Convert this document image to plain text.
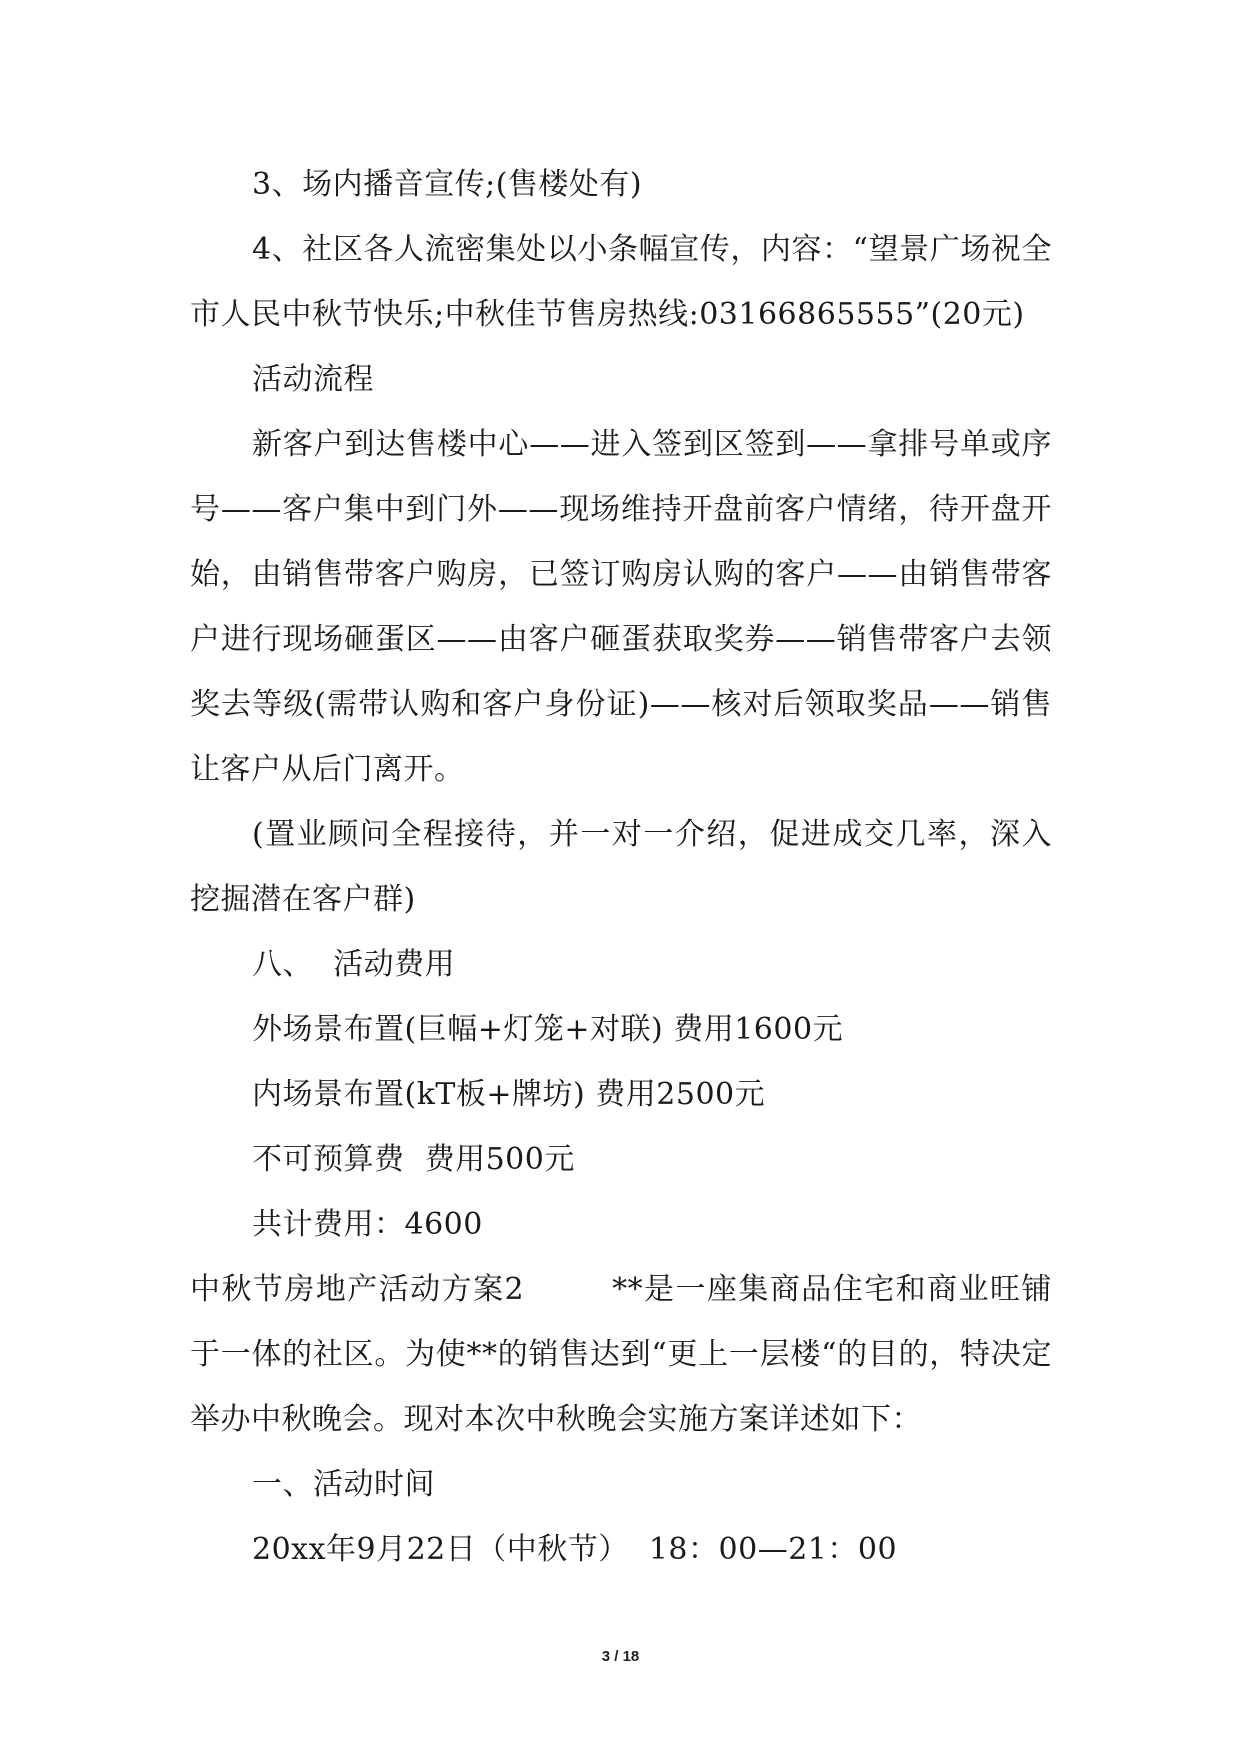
3、场内播音宣传;(售楼处有)

4、社区各人流密集处以小条幅宣传，内容：“望景广场祝全市人民中秋节快乐;中秋佳节售房热线:03166865555”(20元)

活动流程

新客户到达售楼中心——进入签到区签到——拿排号单或序号——客户集中到门外——现场维持开盘前客户情绪，待开盘开始，由销售带客户购房，已签订购房认购的客户——由销售带客户进行现场砸蛋区——由客户砸蛋获取奖券——销售带客户去领奖去等级(需带认购和客户身份证)——核对后领取奖品——销售让客户从后门离开。

(置业顾问全程接待，并一对一介绍，促进成交几率，深入挖掘潜在客户群)

八、  活动费用

外场景布置(巨幅+灯笼+对联) 费用1600元

内场景布置(kT板+牌坊) 费用2500元

不可预算费  费用500元

共计费用：4600

中秋节房地产活动方案2        **是一座集商品住宅和商业旺铺于一体的社区。为使**的销售达到“更上一层楼“的目的，特决定举办中秋晚会。现对本次中秋晚会实施方案详述如下：

一、活动时间

20xx年9月22日（中秋节）  18：00—21：00

3 / 18
